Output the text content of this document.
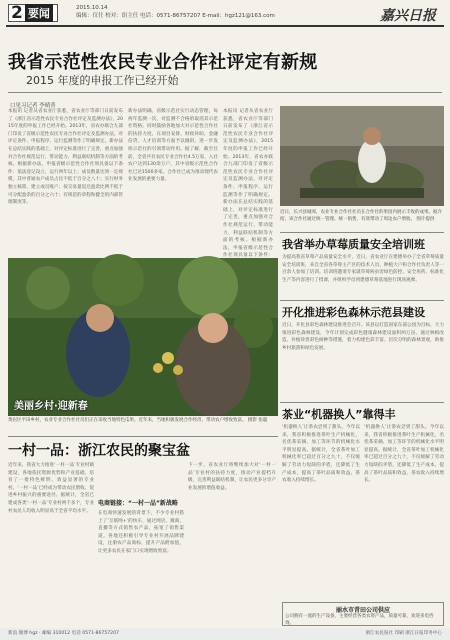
2 要闻	2015.10.14
编辑：仅仕 校对：组主任 电话：0571-86757207 E-mail：hgz121@163.com	嘉兴日报
我省示范性农民专业合作社评定有新规
2015 年度的申报工作已经开始
口见习记者 李晴菁
本报讯 记者从省农业厅获悉，省农业厅等部门日前发布了《浙江省示范性农民专业合作社评定及监测办法》，2015年度的申报工作已经开始。2013年，省农办联合九部门印发了省级示范性农民专业合作社评定及监测办法，对评定条件、申报程序、运行监测等作了明确规定。新办法在总结实践的基础上，对评定标准进行了完善，重点加强对合作社规范运行、带动能力、利益联结机制等方面的考核。根据新办法，申报省级示范性合作社须具备以下条件：依法登记设立，运行两年以上；成员数量达到一定规模，其中普通农户成员占比不低于百分之八十；实行财务独立核算，建立成员账户；按交易量返还盈余比例不低于可分配盈余的百分之六十；有规范的章程和健全的内部管理制度等。
新办法明确，省级示范社实行动态管理，每两年监测一次，对监测不合格的取消其示范社资格。同时鼓励各地加大对示范性合作社的扶持力度，在项目安排、财政补助、金融信贷、人才培训等方面予以倾斜，进一步发挥示范社的引领带动作用。据了解，截至目前，全省共有农民专业合作社4.5万家，入社农户达到130余万户，其中省级示范性合作社已达1500多家，合作社已成为推动现代农业发展的重要力量。
本报讯 记者从省农业厅获悉，省农业厅等部门日前发布了《浙江省示范性农民专业合作社评定及监测办法》，2015年度的申报工作已经开始。2013年，省农办联合九部门印发了省级示范性农民专业合作社评定及监测办法，对评定条件、申报程序、运行监测等作了明确规定。新办法在总结实践的基础上，对评定标准进行了完善，重点加强对合作社规范运行、带动能力、利益联结机制等方面的考核。根据新办法，申报省级示范性合作社须具备以下条件：
美丽乡村·迎新春
黄岩区平田乡村，农业专业合作社社员们正在采收当地特色瓜果。近年来，当地积极发展合作经济，带动农户增收致富。 摄影 张聪
近日，长兴县城郊，农业专业合作社社员在合作社的果园内展示丰收的成果。据介绍，该合作社通过统一管理、统一销售，有效带动了周边农户增收。 图片提供
我省举办草莓质量安全培训班
为提高我省草莓产品质量安全水平，近日，省农业厅在建德举办了全省草莓质量安全培训班，来自全省各草莓主产区的技术人员、种植大户和合作社负责人等一百余人参加了培训。培训班邀请专家就草莓病虫害绿色防控、安全用药、标准化生产等内容进行了授课，并组织学员到建德草莓基地进行现场观摩。
开化推进彩色森林示范县建设
近日，开化县彩色森林建设推进会召开。该县以打造国家东部公园为目标，大力推进彩色森林建设，今年计划完成彩色健康森林建设面积两万亩，通过林相改造、补植珍贵彩色树种等措施，着力构建色彩丰富、层次分明的森林景观，助推乡村旅游和绿色发展。
茶业“机器换人”靠得丰
‘机器换人’让茶农尝到了甜头。今年以来，我省积极推进茶叶生产机械化，名优茶采摘、加工等环节的机械化水平明显提高。据统计，全省茶叶加工机械化率已超过百分之九十，不仅缓解了劳动力短缺的矛盾，还降低了生产成本，提高了茶叶品质和效益，茶农收入持续增长。
‘机器换人’让茶农尝到了甜头。今年以来，我省积极推进茶叶生产机械化，名优茶采摘、加工等环节的机械化水平明显提高。据统计，全省茶叶加工机械化率已超过百分之九十，不仅缓解了劳动力短缺的矛盾，还降低了生产成本，提高了茶叶品质和效益，茶农收入持续增长。
一村一品：浙江农民的聚宝盆
近年来，我省大力推进‘一村一品’专业村镇建设，各地依托资源优势和产业基础，培育了一批特色鲜明、效益显著的专业村。‘一村一品’已经成为带动农民增收、促进乡村振兴的重要途径。据统计，全省已建成各类‘一村一品’专业村两千多个，专业村农民人均收入明显高于全省平均水平。
电商链接：“一村一品”新战略
在电商快速发展的背景下，不少专业村搭上了‘互联网+’的快车，通过网店、微商、直播等方式销售农产品，拓宽了销售渠道。各地还积极引导专业村开展品牌建设，注册农产品商标，提升产品附加值，让更多农民在家门口实现增收致富。
下一步，省农业厅将继续加大对‘一村一品’专业村的扶持力度，推动产业提档升级，完善利益联结机制，让农民更多分享产业发展的增值收益。
丽水市青田公司供应
公司拥有一流的生产设备，主要经营各类农资产品，质量可靠，欢迎来电咨询。
新浪 微博 hgz · 邮编 310012 电话 0571-86757207	浙江农民报社 印刷 浙江日报印务中心
